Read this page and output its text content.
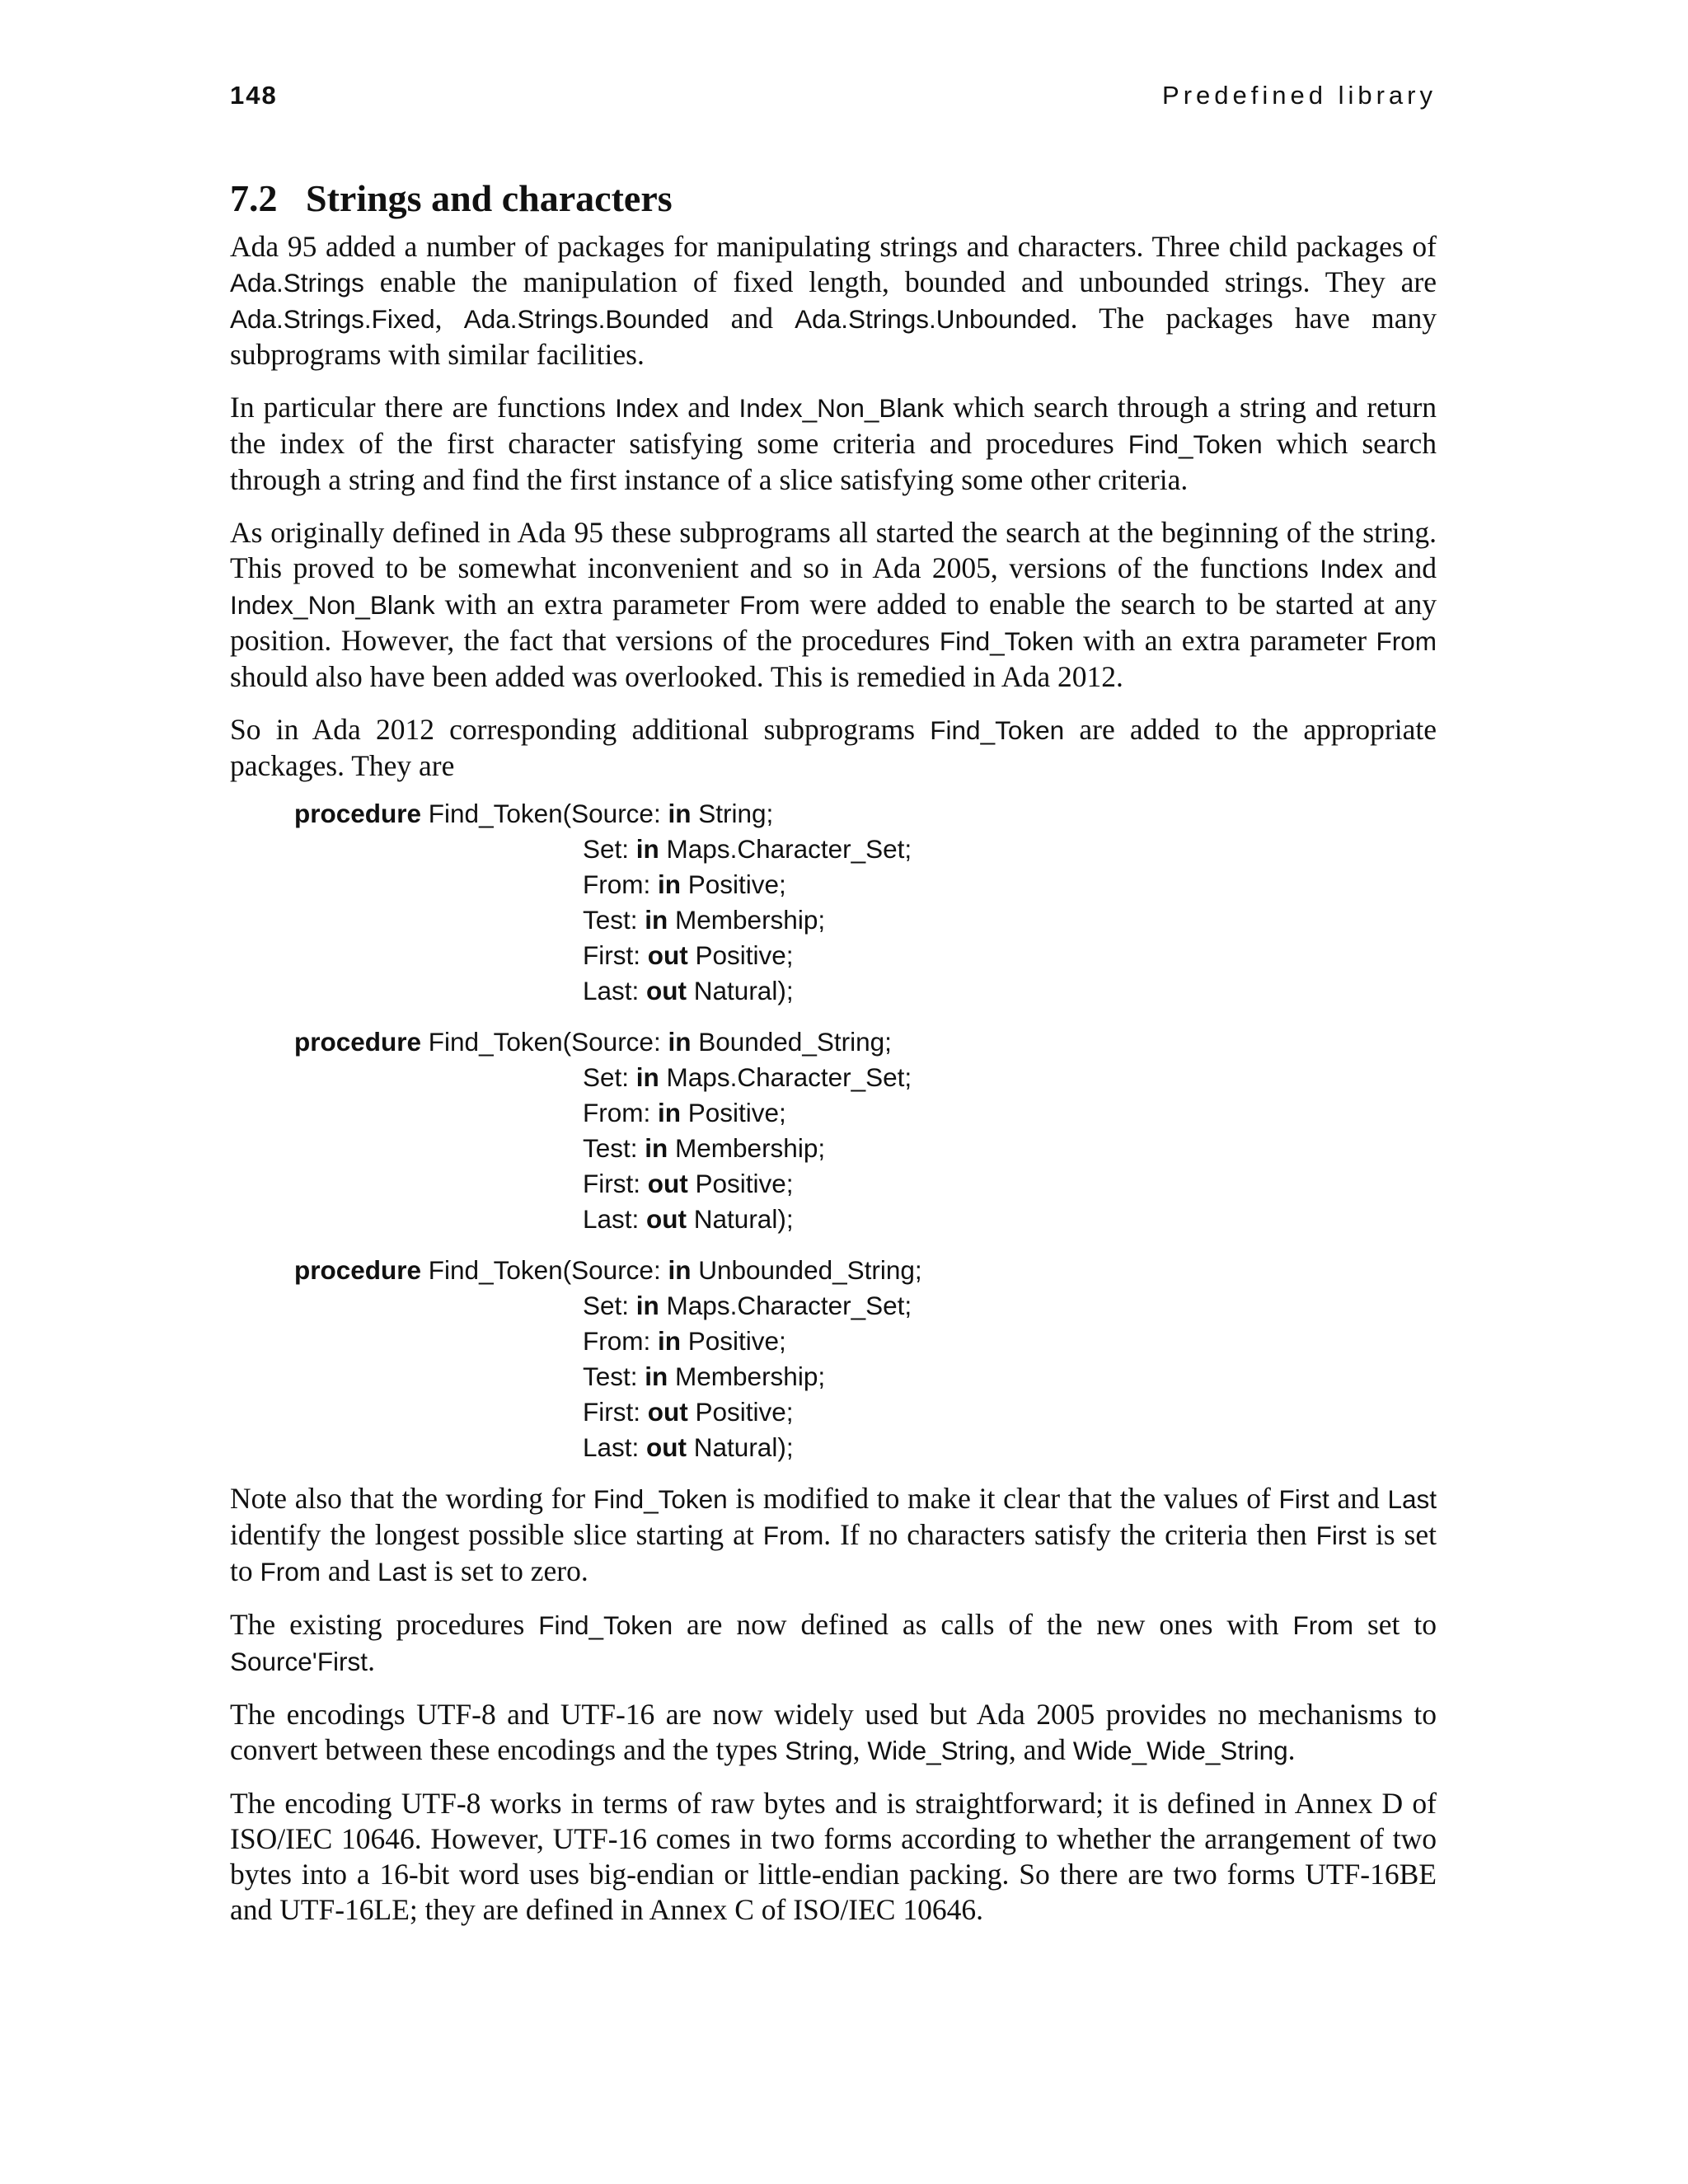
148	Predefined library
7.2 Strings and characters

Ada 95 added a number of packages for manipulating strings and characters. Three child packages of Ada.Strings enable the manipulation of fixed length, bounded and unbounded strings. They are Ada.Strings.Fixed, Ada.Strings.Bounded and Ada.Strings.Unbounded. The packages have many subprograms with similar facilities.

In particular there are functions Index and Index_Non_Blank which search through a string and return the index of the first character satisfying some criteria and procedures Find_Token which search through a string and find the first instance of a slice satisfying some other criteria.

As originally defined in Ada 95 these subprograms all started the search at the beginning of the string. This proved to be somewhat inconvenient and so in Ada 2005, versions of the functions Index and Index_Non_Blank with an extra parameter From were added to enable the search to be started at any position. However, the fact that versions of the procedures Find_Token with an extra parameter From should also have been added was overlooked. This is remedied in Ada 2012.

So in Ada 2012 corresponding additional subprograms Find_Token are added to the appropriate packages. They are

procedure Find_Token(Source: in String;
Set: in Maps.Character_Set;
From: in Positive;
Test: in Membership;
First: out Positive;
Last: out Natural);
procedure Find_Token(Source: in Bounded_String;
Set: in Maps.Character_Set;
From: in Positive;
Test: in Membership;
First: out Positive;
Last: out Natural);
procedure Find_Token(Source: in Unbounded_String;
Set: in Maps.Character_Set;
From: in Positive;
Test: in Membership;
First: out Positive;
Last: out Natural);

Note also that the wording for Find_Token is modified to make it clear that the values of First and Last identify the longest possible slice starting at From. If no characters satisfy the criteria then First is set to From and Last is set to zero.

The existing procedures Find_Token are now defined as calls of the new ones with From set to Source'First.

The encodings UTF-8 and UTF-16 are now widely used but Ada 2005 provides no mechanisms to convert between these encodings and the types String, Wide_String, and Wide_Wide_String.

The encoding UTF-8 works in terms of raw bytes and is straightforward; it is defined in Annex D of ISO/IEC 10646. However, UTF-16 comes in two forms according to whether the arrangement of two bytes into a 16-bit word uses big-endian or little-endian packing. So there are two forms UTF-16BE and UTF-16LE; they are defined in Annex C of ISO/IEC 10646.
